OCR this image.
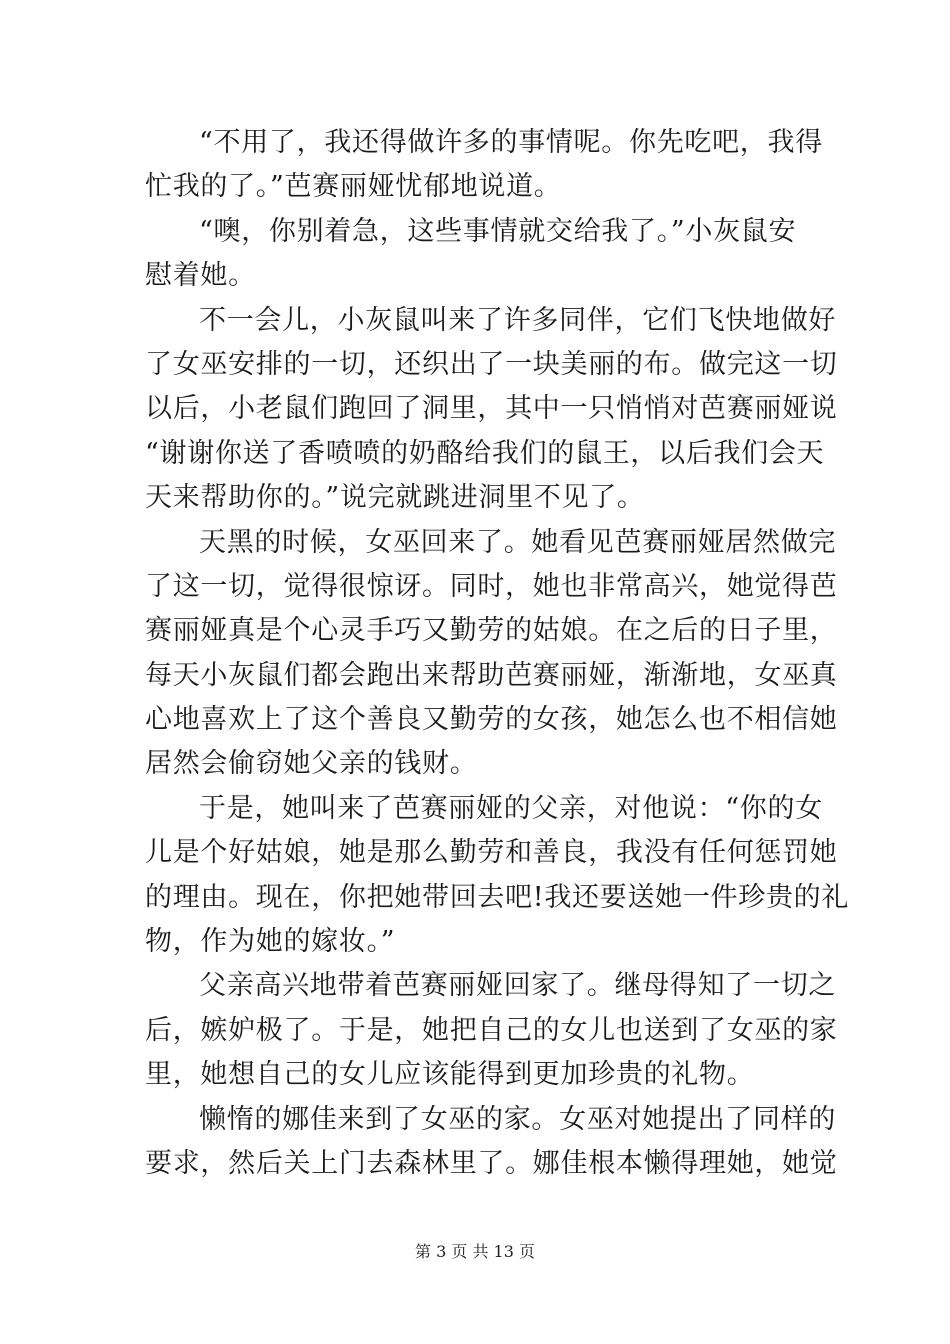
“不用了，我还得做许多的事情呢。你先吃吧，我得
忙我的了。”芭赛丽娅忧郁地说道。
“噢，你别着急，这些事情就交给我了。”小灰鼠安
慰着她。
不一会儿，小灰鼠叫来了许多同伴，它们飞快地做好
了女巫安排的一切，还织出了一块美丽的布。做完这一切
以后，小老鼠们跑回了洞里，其中一只悄悄对芭赛丽娅说
“谢谢你送了香喷喷的奶酪给我们的鼠王，以后我们会天
天来帮助你的。”说完就跳进洞里不见了。
天黑的时候，女巫回来了。她看见芭赛丽娅居然做完
了这一切，觉得很惊讶。同时，她也非常高兴，她觉得芭
赛丽娅真是个心灵手巧又勤劳的姑娘。在之后的日子里，
每天小灰鼠们都会跑出来帮助芭赛丽娅，渐渐地，女巫真
心地喜欢上了这个善良又勤劳的女孩，她怎么也不相信她
居然会偷窃她父亲的钱财。
于是，她叫来了芭赛丽娅的父亲，对他说：“你的女
儿是个好姑娘，她是那么勤劳和善良，我没有任何惩罚她
的理由。现在，你把她带回去吧!我还要送她一件珍贵的礼
物，作为她的嫁妆。”
父亲高兴地带着芭赛丽娅回家了。继母得知了一切之
后，嫉妒极了。于是，她把自己的女儿也送到了女巫的家
里，她想自己的女儿应该能得到更加珍贵的礼物。
懒惰的娜佳来到了女巫的家。女巫对她提出了同样的
要求，然后关上门去森林里了。娜佳根本懒得理她，她觉
第 3 页 共 13 页
